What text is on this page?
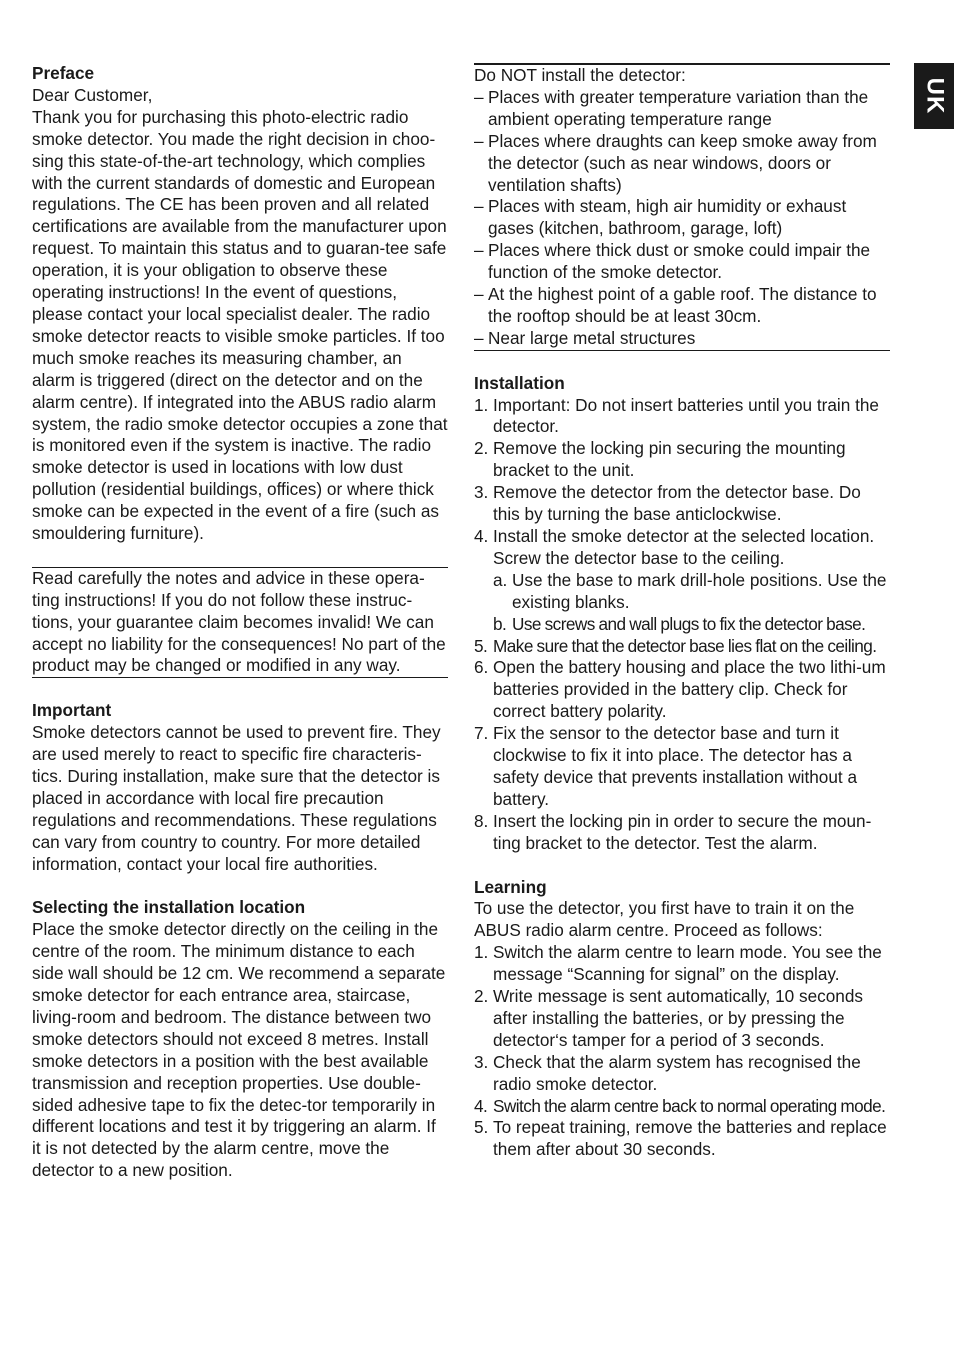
UK

Preface

Dear Customer,

Thank you for purchasing this photo-electric radio smoke detector. You made the right decision in choo-sing this state-of-the-art technology, which complies with the current standards of domestic and European regulations. The CE has been proven and all related certifications are available from the manufacturer upon request. To maintain this status and to guaran-tee safe operation, it is your obligation to observe these operating instructions! In the event of questions, please contact your local specialist dealer. The radio smoke detector reacts to visible smoke particles. If too much smoke reaches its measuring chamber, an alarm is triggered (direct on the detector and on the alarm centre). If integrated into the ABUS radio alarm system, the radio smoke detector occupies a zone that is monitored even if the system is inactive. The radio smoke detector is used in locations with low dust pollution (residential buildings, offices) or where thick smoke can be expected in the event of a fire (such as smouldering furniture).

Read carefully the notes and advice in these opera-ting instructions! If you do not follow these instruc-tions, your guarantee claim becomes invalid! We can accept no liability for the consequences! No part of the product may be changed or modified in any way.

Important

Smoke detectors cannot be used to prevent fire. They are used merely to react to specific fire characteris-tics. During installation, make sure that the detector is placed in accordance with local fire precaution regulations and recommendations. These regulations can vary from country to country. For more detailed information, contact your local fire authorities.

Selecting the installation location

Place the smoke detector directly on the ceiling in the centre of the room. The minimum distance to each side wall should be 12 cm. We recommend a separate smoke detector for each entrance area, staircase, living-room and bedroom. The distance between two smoke detectors should not exceed 8 metres. Install smoke detectors in a position with the best available transmission and reception properties. Use double-sided adhesive tape to fix the detec-tor temporarily in different locations and test it by triggering an alarm. If it is not detected by the alarm centre, move the detector to a new position.

Do NOT install the detector:

– Places with greater temperature variation than the ambient operating temperature range
– Places where draughts can keep smoke away from the detector (such as near windows, doors or ventilation shafts)
– Places with steam, high air humidity or exhaust gases (kitchen, bathroom, garage, loft)
– Places where thick dust or smoke could impair the function of the smoke detector.
– At the highest point of a gable roof. The distance to the rooftop should be at least 30cm.
– Near large metal structures

Installation

1. Important: Do not insert batteries until you train the detector.
2. Remove the locking pin securing the mounting bracket to the unit.
3. Remove the detector from the detector base. Do this by turning the base anticlockwise.
4. Install the smoke detector at the selected location. Screw the detector base to the ceiling.
a. Use the base to mark drill-hole positions. Use the existing blanks.
b. Use screws and wall plugs to fix the detector base.
5. Make sure that the detector base lies flat on the ceiling.
6. Open the battery housing and place the two lithi-um batteries provided in the battery clip. Check for correct battery polarity.
7. Fix the sensor to the detector base and turn it clockwise to fix it into place. The detector has a safety device that prevents installation without a battery.
8. Insert the locking pin in order to secure the moun-ting bracket to the detector. Test the alarm.

Learning

To use the detector, you first have to train it on the ABUS radio alarm centre. Proceed as follows:

1. Switch the alarm centre to learn mode. You see the message “Scanning for signal” on the display.
2. Write message is sent automatically, 10 seconds after installing the batteries, or by pressing the detector‘s tamper for a period of 3 seconds.
3. Check that the alarm system has recognised the radio smoke detector.
4. Switch the alarm centre back to normal operating mode.
5. To repeat training, remove the batteries and replace them after about 30 seconds.
